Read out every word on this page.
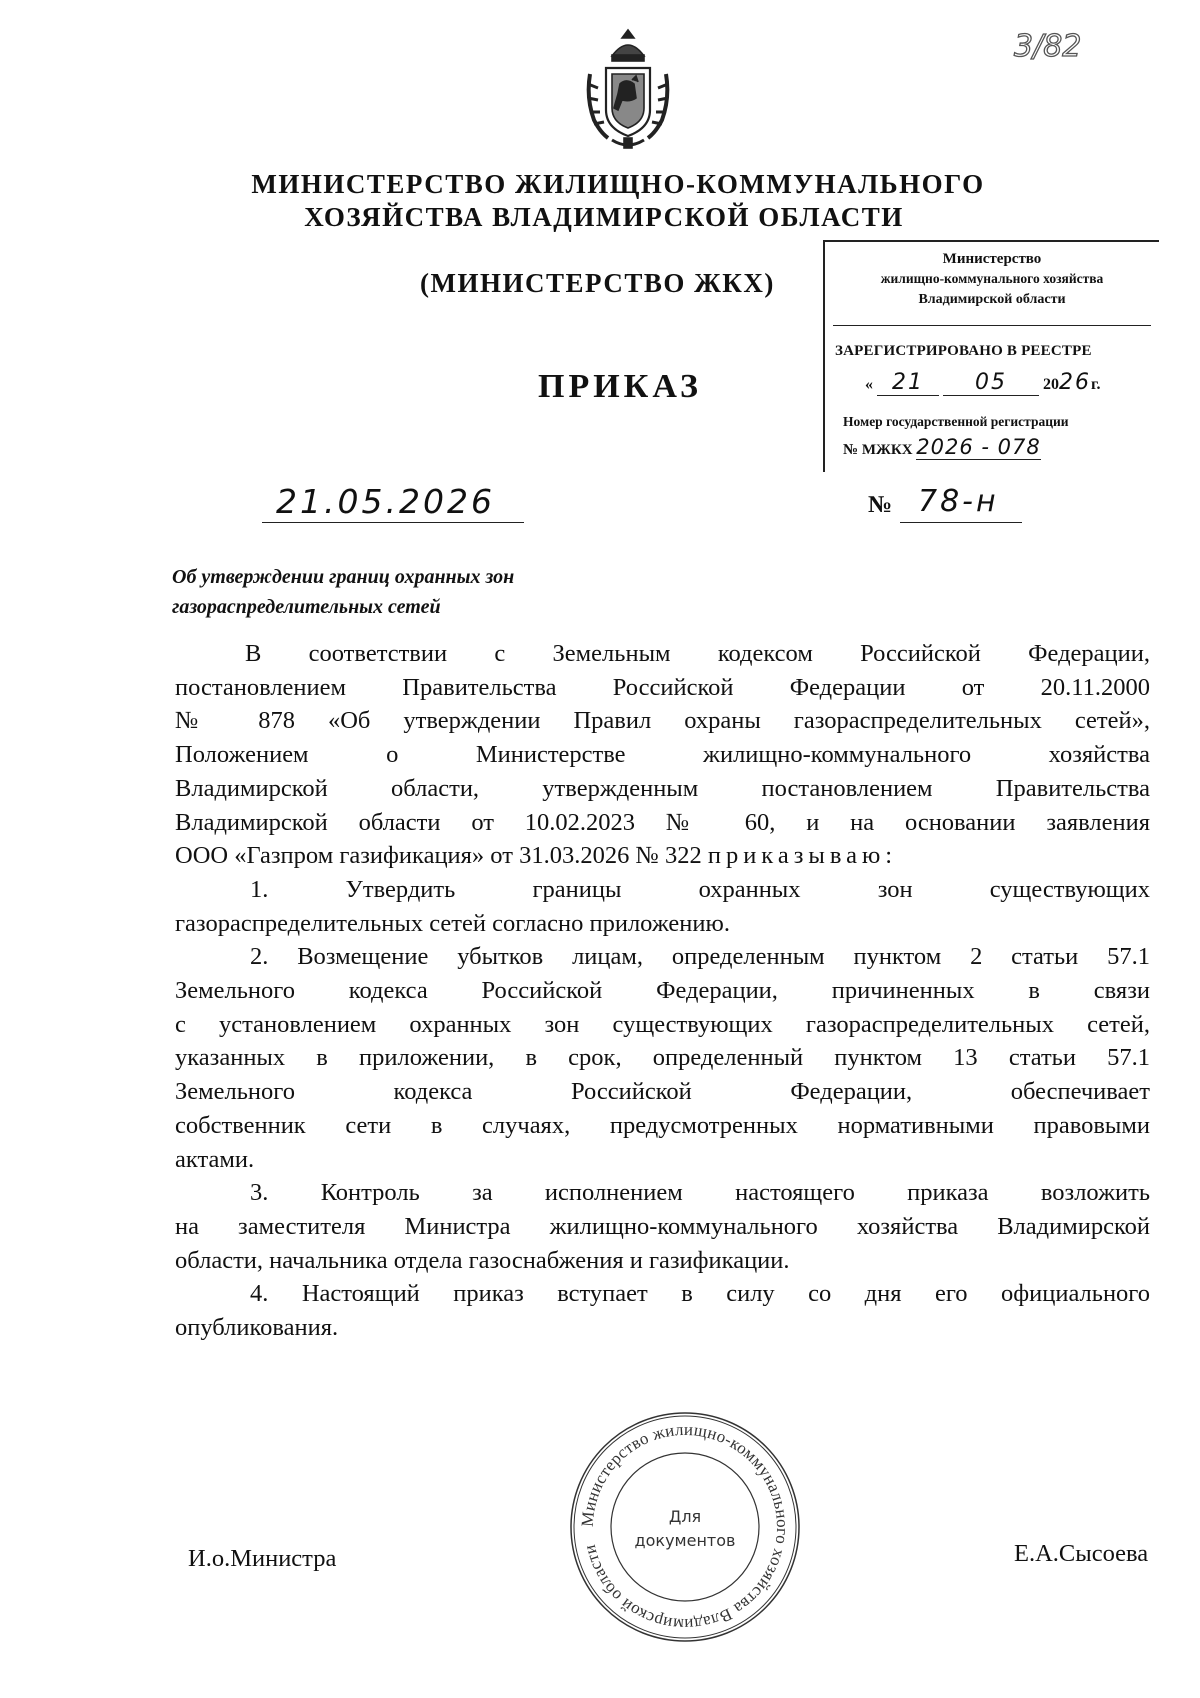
3/82
МИНИСТЕРСТВО ЖИЛИЩНО-КОММУНАЛЬНОГО
ХОЗЯЙСТВА ВЛАДИМИРСКОЙ ОБЛАСТИ
(МИНИСТЕРСТВО ЖКХ)
ПРИКАЗ
Министерство
жилищно-коммунального хозяйства
Владимирской области
ЗАРЕГИСТРИРОВАНО В РЕЕСТРЕ
« 21 05 2026г.
Номер государственной регистрации
№ МЖКХ 2026 - 078
21.05.2026	№ 78-н
Об утверждении границ охранных зон
газораспределительных сетей
В соответствии с Земельным кодексом Российской Федерации,
постановлением Правительства Российской Федерации от 20.11.2000
№ 878 «Об утверждении Правил охраны газораспределительных сетей»,
Положением о Министерстве жилищно-коммунального хозяйства
Владимирской области, утвержденным постановлением Правительства
Владимирской области от 10.02.2023 № 60, и на основании заявления
ООО «Газпром газификация» от 31.03.2026 № 322 приказываю:
1. Утвердить границы охранных зон существующих
газораспределительных сетей согласно приложению.
2. Возмещение убытков лицам, определенным пунктом 2 статьи 57.1
Земельного кодекса Российской Федерации, причиненных в связи
с установлением охранных зон существующих газораспределительных сетей,
указанных в приложении, в срок, определенный пунктом 13 статьи 57.1
Земельного кодекса Российской Федерации, обеспечивает
собственник сети в случаях, предусмотренных нормативными правовыми
актами.
3. Контроль за исполнением настоящего приказа возложить
на заместителя Министра жилищно-коммунального хозяйства Владимирской
области, начальника отдела газоснабжения и газификации.
4. Настоящий приказ вступает в силу со дня его официального
опубликования.
Министерство жилищно-коммунального хозяйства Владимирской области
Для
документов
И.о.Министра	Е.А.Сысоева
